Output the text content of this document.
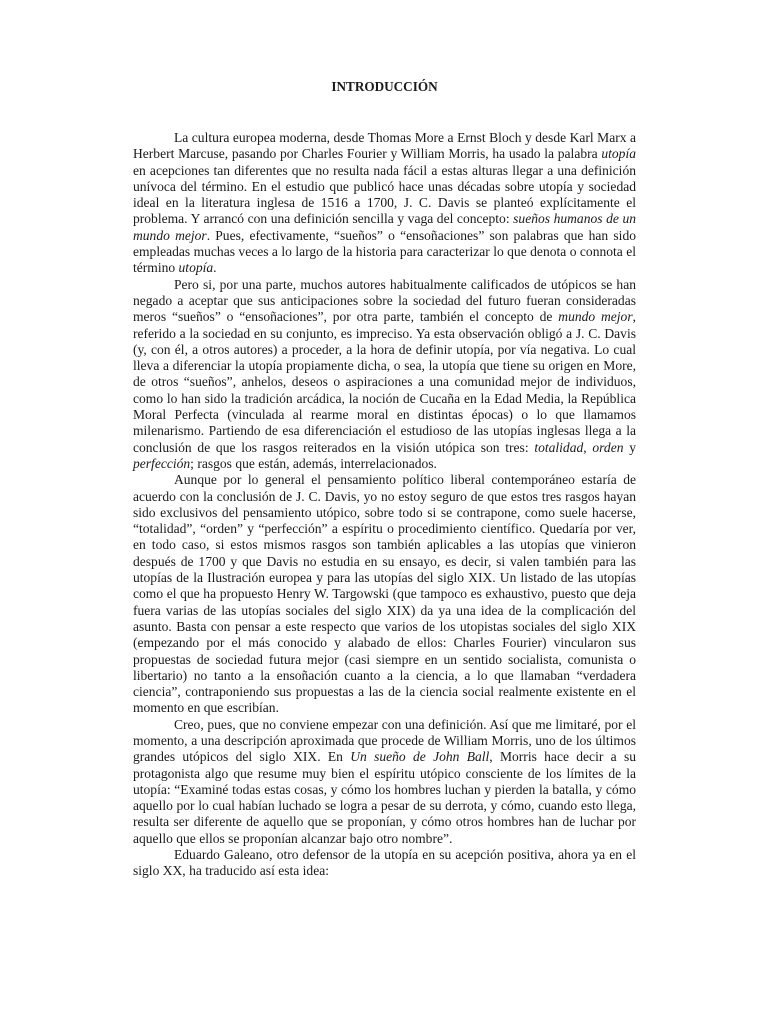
INTRODUCCIÓN

La cultura europea moderna, desde Thomas More a Ernst Bloch y desde Karl Marx a Herbert Marcuse, pasando por Charles Fourier y William Morris, ha usado la palabra utopía en acepciones tan diferentes que no resulta nada fácil a estas alturas llegar a una definición unívoca del término. En el estudio que publicó hace unas décadas sobre utopía y sociedad ideal en la literatura inglesa de 1516 a 1700, J. C. Davis se planteó explícitamente el problema. Y arrancó con una definición sencilla y vaga del concepto: sueños humanos de un mundo mejor. Pues, efectivamente, “sueños” o “ensoñaciones” son palabras que han sido empleadas muchas veces a lo largo de la historia para caracterizar lo que denota o connota el término utopía.

Pero si, por una parte, muchos autores habitualmente calificados de utópicos se han negado a aceptar que sus anticipaciones sobre la sociedad del futuro fueran consideradas meros “sueños” o “ensoñaciones”, por otra parte, también el concepto de mundo mejor, referido a la sociedad en su conjunto, es impreciso. Ya esta observación obligó a J. C. Davis (y, con él, a otros autores) a proceder, a la hora de definir utopía, por vía negativa. Lo cual lleva a diferenciar la utopía propiamente dicha, o sea, la utopía que tiene su origen en More, de otros “sueños”, anhelos, deseos o aspiraciones a una comunidad mejor de individuos, como lo han sido la tradición arcádica, la noción de Cucaña en la Edad Media, la República Moral Perfecta (vinculada al rearme moral en distintas épocas) o lo que llamamos milenarismo. Partiendo de esa diferenciación el estudioso de las utopías inglesas llega a la conclusión de que los rasgos reiterados en la visión utópica son tres: totalidad, orden y perfección; rasgos que están, además, interrelacionados.

Aunque por lo general el pensamiento político liberal contemporáneo estaría de acuerdo con la conclusión de J. C. Davis, yo no estoy seguro de que estos tres rasgos hayan sido exclusivos del pensamiento utópico, sobre todo si se contrapone, como suele hacerse, “totalidad”, “orden” y “perfección” a espíritu o procedimiento científico. Quedaría por ver, en todo caso, si estos mismos rasgos son también aplicables a las utopías que vinieron después de 1700 y que Davis no estudia en su ensayo, es decir, si valen también para las utopías de la Ilustración europea y para las utopías del siglo XIX. Un listado de las utopías como el que ha propuesto Henry W. Targowski (que tampoco es exhaustivo, puesto que deja fuera varias de las utopías sociales del siglo XIX) da ya una idea de la complicación del asunto. Basta con pensar a este respecto que varios de los utopistas sociales del siglo XIX (empezando por el más conocido y alabado de ellos: Charles Fourier) vincularon sus propuestas de sociedad futura mejor (casi siempre en un sentido socialista, comunista o libertario) no tanto a la ensoñación cuanto a la ciencia, a lo que llamaban “verdadera ciencia”, contraponiendo sus propuestas a las de la ciencia social realmente existente en el momento en que escribían.

Creo, pues, que no conviene empezar con una definición. Así que me limitaré, por el momento, a una descripción aproximada que procede de William Morris, uno de los últimos grandes utópicos del siglo XIX. En Un sueño de John Ball, Morris hace decir a su protagonista algo que resume muy bien el espíritu utópico consciente de los límites de la utopía: “Examiné todas estas cosas, y cómo los hombres luchan y pierden la batalla, y cómo aquello por lo cual habían luchado se logra a pesar de su derrota, y cómo, cuando esto llega, resulta ser diferente de aquello que se proponían, y cómo otros hombres han de luchar por aquello que ellos se proponían alcanzar bajo otro nombre”.

Eduardo Galeano, otro defensor de la utopía en su acepción positiva, ahora ya en el siglo XX, ha traducido así esta idea:
